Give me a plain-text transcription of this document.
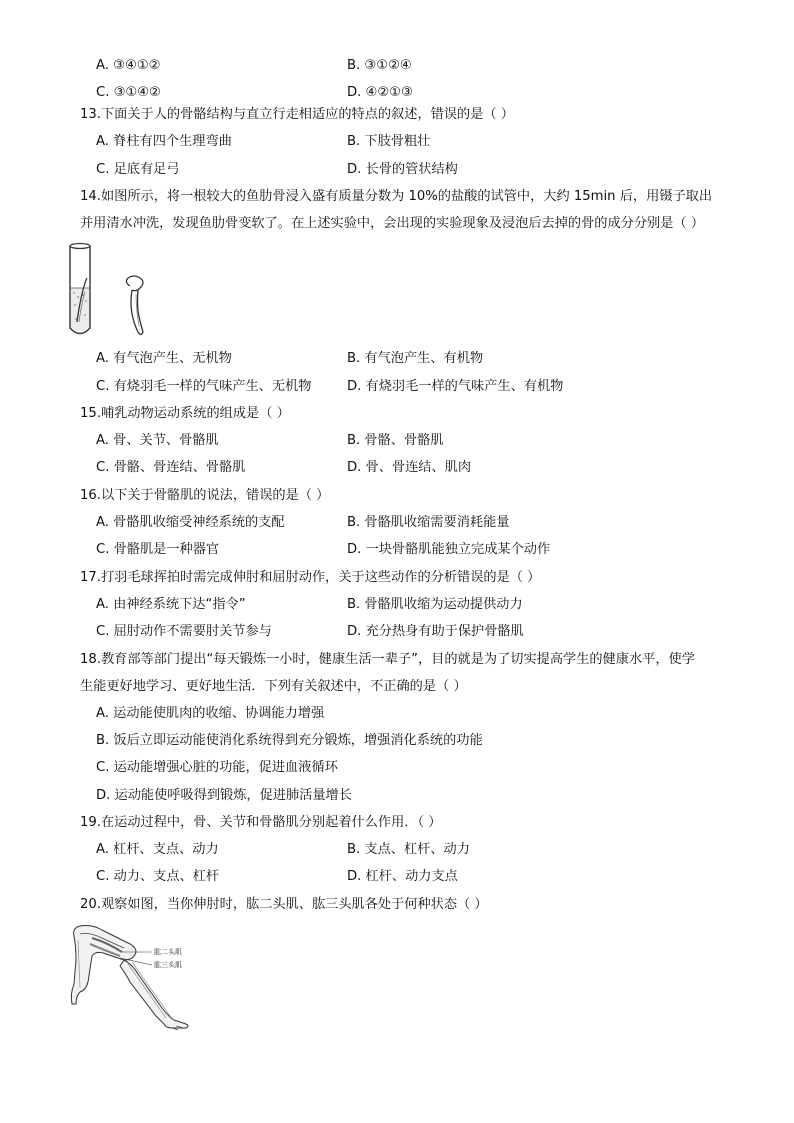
A. ③④①②	B. ③①②④
C. ③①④②	D. ④②①③
13.下面关于人的骨骼结构与直立行走相适应的特点的叙述，错误的是（ ）
A. 脊柱有四个生理弯曲	B. 下肢骨粗壮
C. 足底有足弓	D. 长骨的管状结构
14.如图所示，将一根较大的鱼肋骨浸入盛有质量分数为 10%的盐酸的试管中，大约 15min 后，用镊子取出
并用清水冲洗，发现鱼肋骨变软了。在上述实验中，会出现的实验现象及浸泡后去掉的骨的成分分别是（ ）
A. 有气泡产生、无机物	B. 有气泡产生、有机物
C. 有烧羽毛一样的气味产生、无机物	D. 有烧羽毛一样的气味产生、有机物
15.哺乳动物运动系统的组成是（ ）
A. 骨、关节、骨骼肌	B. 骨骼、骨骼肌
C. 骨骼、骨连结、骨骼肌	D. 骨、骨连结、肌肉
16.以下关于骨骼肌的说法，错误的是（ ）
A. 骨骼肌收缩受神经系统的支配	B. 骨骼肌收缩需要消耗能量
C. 骨骼肌是一种器官	D. 一块骨骼肌能独立完成某个动作
17.打羽毛球挥拍时需完成伸肘和屈肘动作，关于这些动作的分析错误的是（ ）
A. 由神经系统下达“指令”	B. 骨骼肌收缩为运动提供动力
C. 屈肘动作不需要肘关节参与	D. 充分热身有助于保护骨骼肌
18.教育部等部门提出“每天锻炼一小时，健康生活一辈子”，目的就是为了切实提高学生的健康水平，使学
生能更好地学习、更好地生活．下列有关叙述中，不正确的是（ ）
A. 运动能使肌肉的收缩、协调能力增强
B. 饭后立即运动能使消化系统得到充分锻炼，增强消化系统的功能
C. 运动能增强心脏的功能，促进血液循环
D. 运动能使呼吸得到锻炼，促进肺活量增长
19.在运动过程中，骨、关节和骨骼肌分别起着什么作用．（ ）
A. 杠杆、支点、动力	B. 支点、杠杆、动力
C. 动力、支点、杠杆	D. 杠杆、动力支点
20.观察如图，当你伸肘时，肱二头肌、肱三头肌各处于何种状态（ ）
肱二头肌
肱三头肌
